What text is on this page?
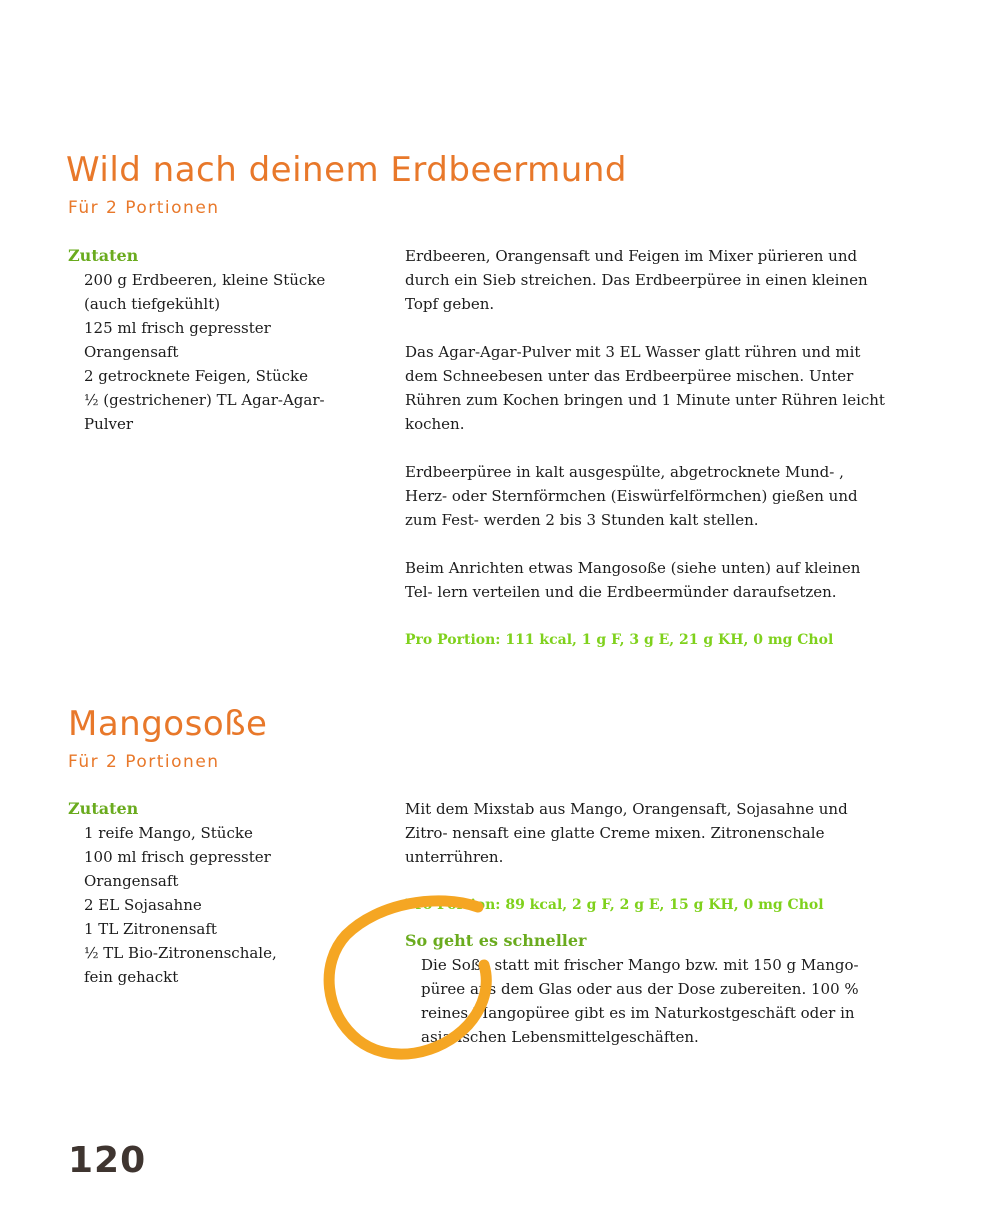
Wild nach deinem Erdbeermund
Für 2 Portionen
Zutaten
200 g Erdbeeren, kleine Stücke (auch tiefgekühlt)
125 ml frisch gepresster Orangensaft
2 getrocknete Feigen, Stücke
½ (gestrichener) TL Agar-Agar-Pulver

Erdbeeren, Orangensaft und Feigen im Mixer pürieren und durch ein Sieb streichen. Das Erdbeerpüree in einen kleinen Topf geben.

Das Agar-Agar-Pulver mit 3 EL Wasser glatt rühren und mit dem Schneebesen unter das Erdbeerpüree mischen. Unter Rühren zum Kochen bringen und 1 Minute unter Rühren leicht kochen.

Erdbeerpüree in kalt ausgespülte, abgetrocknete Mund- , Herz- oder Sternförmchen (Eiswürfelförmchen) gießen und zum Fest- werden 2 bis 3 Stunden kalt stellen.

Beim Anrichten etwas Mangosoße (siehe unten) auf kleinen Tel- lern verteilen und die Erdbeermünder daraufsetzen.

Pro Portion: 111 kcal, 1 g F, 3 g E, 21 g KH, 0 mg Chol
Mangosoße
Für 2 Portionen
Zutaten
1 reife Mango, Stücke
100 ml frisch gepresster Orangensaft
2 EL Sojasahne
1 TL Zitronensaft
½ TL Bio-Zitronenschale, fein gehackt

Mit dem Mixstab aus Mango, Orangensaft, Sojasahne und Zitro- nensaft eine glatte Creme mixen. Zitronenschale unterrühren.

Pro Portion: 89 kcal, 2 g F, 2 g E, 15 g KH, 0 mg Chol
So geht es schneller

Die Soße statt mit frischer Mango bzw. mit 150 g Mango- püree aus dem Glas oder aus der Dose zubereiten. 100 % reines Mangopüree gibt es im Naturkostgeschäft oder in asiatischen Lebensmittelgeschäften.

120
